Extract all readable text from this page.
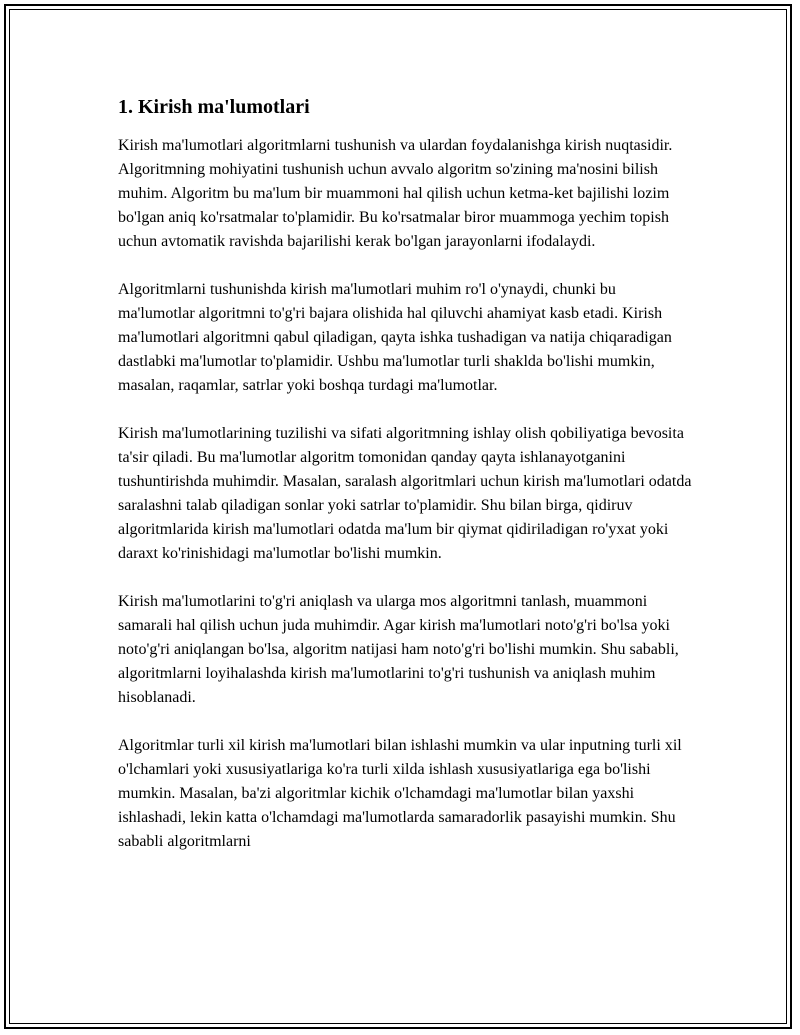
1. Kirish ma'lumotlari

Kirish ma'lumotlari algoritmlarni tushunish va ulardan foydalanishga kirish nuqtasidir. Algoritmning mohiyatini tushunish uchun avvalo algoritm so'zining ma'nosini bilish muhim. Algoritm bu ma'lum bir muammoni hal qilish uchun ketma-ket bajilishi lozim bo'lgan aniq ko'rsatmalar to'plamidir. Bu ko'rsatmalar biror muammoga yechim topish uchun avtomatik ravishda bajarilishi kerak bo'lgan jarayonlarni ifodalaydi.

Algoritmlarni tushunishda kirish ma'lumotlari muhim ro'l o'ynaydi, chunki bu ma'lumotlar algoritmni to'g'ri bajara olishida hal qiluvchi ahamiyat kasb etadi. Kirish ma'lumotlari algoritmni qabul qiladigan, qayta ishka tushadigan va natija chiqaradigan dastlabki ma'lumotlar to'plamidir. Ushbu ma'lumotlar turli shaklda bo'lishi mumkin, masalan, raqamlar, satrlar yoki boshqa turdagi ma'lumotlar.

Kirish ma'lumotlarining tuzilishi va sifati algoritmning ishlay olish qobiliyatiga bevosita ta'sir qiladi. Bu ma'lumotlar algoritm tomonidan qanday qayta ishlanayotganini tushuntirishda muhimdir. Masalan, saralash algoritmlari uchun kirish ma'lumotlari odatda saralashni talab qiladigan sonlar yoki satrlar to'plamidir. Shu bilan birga, qidiruv algoritmlarida kirish ma'lumotlari odatda ma'lum bir qiymat qidiriladigan ro'yxat yoki daraxt ko'rinishidagi ma'lumotlar bo'lishi mumkin.

Kirish ma'lumotlarini to'g'ri aniqlash va ularga mos algoritmni tanlash, muammoni samarali hal qilish uchun juda muhimdir. Agar kirish ma'lumotlari noto'g'ri bo'lsa yoki noto'g'ri aniqlangan bo'lsa, algoritm natijasi ham noto'g'ri bo'lishi mumkin. Shu sababli, algoritmlarni loyihalashda kirish ma'lumotlarini to'g'ri tushunish va aniqlash muhim hisoblanadi.

Algoritmlar turli xil kirish ma'lumotlari bilan ishlashi mumkin va ular inputning turli xil o'lchamlari yoki xususiyatlariga ko'ra turli xilda ishlash xususiyatlariga ega bo'lishi mumkin. Masalan, ba'zi algoritmlar kichik o'lchamdagi ma'lumotlar bilan yaxshi ishlashadi, lekin katta o'lchamdagi ma'lumotlarda samaradorlik pasayishi mumkin. Shu sababli algoritmlarni
